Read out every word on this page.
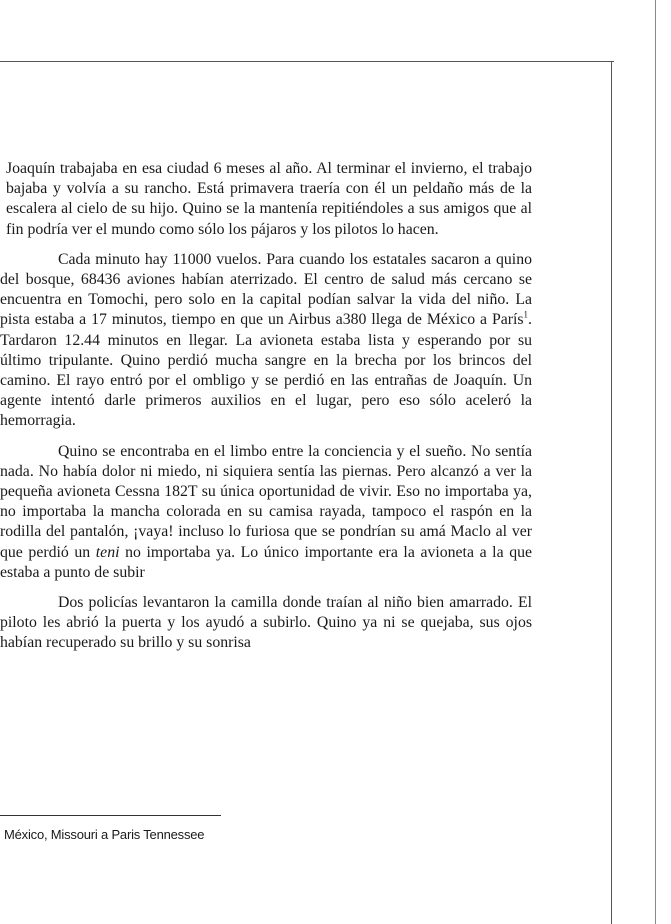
Joaquín trabajaba en esa ciudad 6 meses al año. Al terminar el invierno, el trabajo bajaba y volvía a su rancho. Está primavera traería con él un peldaño más de la escalera al cielo de su hijo. Quino se la mantenía repitiéndoles a sus amigos que al fin podría ver el mundo como sólo los pájaros y los pilotos lo hacen.

Cada minuto hay 11000 vuelos. Para cuando los estatales sacaron a quino del bosque, 68436 aviones habían aterrizado. El centro de salud más cercano se encuentra en Tomochi, pero solo en la capital podían salvar la vida del niño. La pista estaba a 17 minutos, tiempo en que un Airbus a380 llega de México a París$^1$. Tardaron 12.44 minutos en llegar. La avioneta estaba lista y esperando por su último tripulante. Quino perdió mucha sangre en la brecha por los brincos del camino. El rayo entró por el ombligo y se perdió en las entrañas de Joaquín. Un agente intentó darle primeros auxilios en el lugar, pero eso sólo aceleró la hemorragia.

Quino se encontraba en el limbo entre la conciencia y el sueño. No sentía nada. No había dolor ni miedo, ni siquiera sentía las piernas. Pero alcanzó a ver la pequeña avioneta Cessna 182T su única oportunidad de vivir. Eso no importaba ya, no importaba la mancha colorada en su camisa rayada, tampoco el raspón en la rodilla del pantalón, ¡vaya! incluso lo furiosa que se pondrían su amá Maclo al ver que perdió un teni no importaba ya. Lo único importante era la avioneta a la que estaba a punto de subir

Dos policías levantaron la camilla donde traían al niño bien amarrado. El piloto les abrió la puerta y los ayudó a subirlo. Quino ya ni se quejaba, sus ojos habían recuperado su brillo y su sonrisa

México, Missouri a Paris Tennessee
